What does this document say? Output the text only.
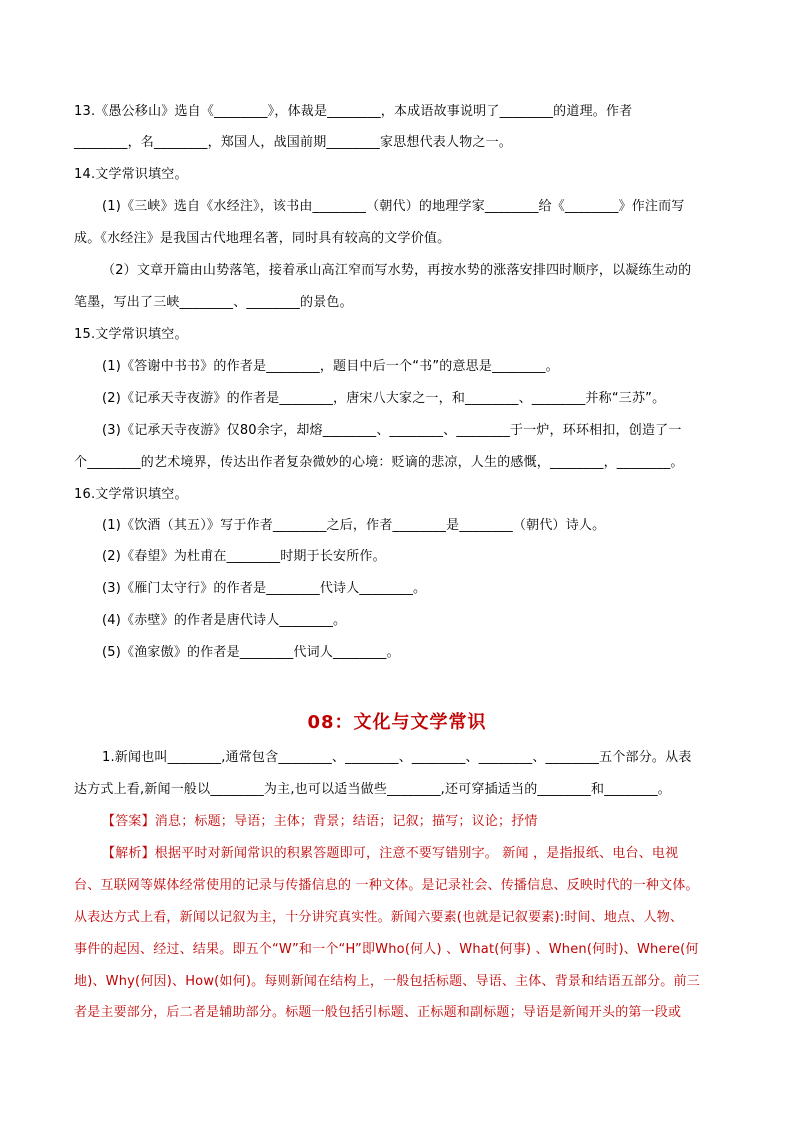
13.《愚公移山》选自《________》，体裁是________，本成语故事说明了________的道理。作者
________，名________，郑国人，战国前期________家思想代表人物之一。
14.文学常识填空。
(1)《三峡》选自《水经注》，该书由________（朝代）的地理学家________给《________》作注而写
成。《水经注》是我国古代地理名著，同时具有较高的文学价值。
（2）文章开篇由山势落笔，接着承山高江窄而写水势，再按水势的涨落安排四时顺序，以凝练生动的
笔墨，写出了三峡________、________的景色。
15.文学常识填空。
(1)《答谢中书书》的作者是________，题目中后一个“书”的意思是________。
(2)《记承天寺夜游》的作者是________，唐宋八大家之一，和________、________并称“三苏”。
(3)《记承天寺夜游》仅80余字，却熔________、________、________于一炉，环环相扣，创造了一
个________的艺术境界，传达出作者复杂微妙的心境：贬谪的悲凉，人生的感慨，________，________。
16.文学常识填空。
(1)《饮酒（其五）》写于作者________之后，作者________是________（朝代）诗人。
(2)《春望》为杜甫在________时期于长安所作。
(3)《雁门太守行》的作者是________代诗人________。
(4)《赤壁》的作者是唐代诗人________。
(5)《渔家傲》的作者是________代词人________。
08：文化与文学常识
1.新闻也叫________,通常包含________、________、________、________、________五个部分。从表
达方式上看,新闻一般以________为主,也可以适当做些________,还可穿插适当的________和________。
【答案】消息；标题；导语；主体；背景；结语；记叙；描写；议论；抒情
【解析】根据平时对新闻常识的积累答题即可，注意不要写错别字。 新闻 ，是指报纸、电台、电视
台、互联网等媒体经常使用的记录与传播信息的 一种文体。是记录社会、传播信息、反映时代的一种文体。
从表达方式上看，新闻以记叙为主，十分讲究真实性。新闻六要素(也就是记叙要素):时间、地点、人物、
事件的起因、经过、结果。即五个“W”和一个“H”即Who(何人) 、What(何事) 、When(何时)、Where(何
地)、Why(何因)、How(如何)。每则新闻在结构上，一般包括标题、导语、主体、背景和结语五部分。前三
者是主要部分，后二者是辅助部分。标题一般包括引标题、正标题和副标题；导语是新闻开头的第一段或
